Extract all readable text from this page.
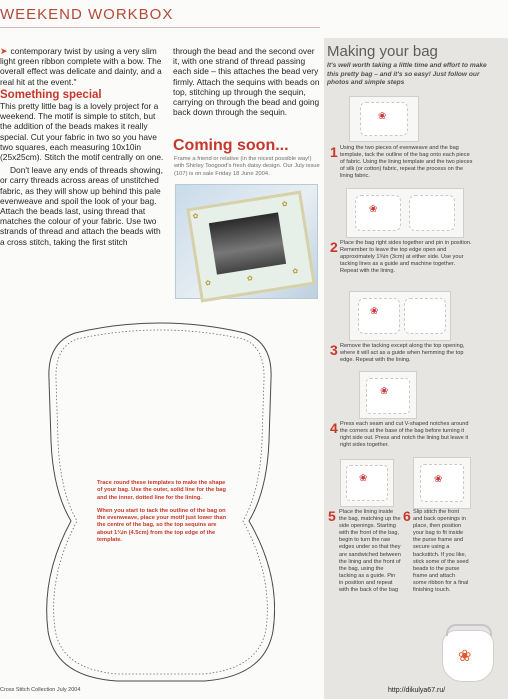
WEEKEND WORKBOX

➤ contemporary twist by using a very slim light green ribbon complete with a bow. The overall effect was delicate and dainty, and a real hit at the event."

Something special

This pretty little bag is a lovely project for a weekend. The motif is simple to stitch, but the addition of the beads makes it really special. Cut your fabric in two so you have two squares, each measuring 10x10in (25x25cm). Stitch the motif centrally on one.

Don't leave any ends of threads showing, or carry threads across areas of unstitched fabric, as they will show up behind this pale evenweave and spoil the look of your bag. Attach the beads last, using thread that matches the colour of your fabric. Use two strands of thread and attach the beads with a cross stitch, taking the first stitch

through the bead and the second over it, with one strand of thread passing each side – this attaches the bead very firmly. Attach the sequins with beads on top, stitching up through the sequin, carrying on through the bead and going back down through the sequin.

Coming soon...
Frame a friend or relative (in the nicest possible way!) with Shirley Toogood's fresh daisy design. Our July issue (107) is on sale Friday 18 June 2004.
✿
✿
✿
✿
✿
Trace round these templates to make the shape of your bag. Use the outer, solid line for the bag and the inner, dotted line for the lining.
When you start to tack the outline of the bag on the evenweave, place your motif just lower than the centre of the bag, so the top sequins are about 1¾in (4.5cm) from the top edge of the template.
Making your bag
It's well worth taking a little time and effort to make this pretty bag – and it's so easy! Just follow our photos and simple steps
❀
1 Using the two pieces of evenweave and the bag template, tack the outline of the bag onto each piece of fabric. Using the lining template and the two pieces of silk (or cotton) fabric, repeat the process on the lining fabric.
❀
2 Place the bag right sides together and pin in position. Remember to leave the top edge open and approximately 1¾in (3cm) at either side. Use your tacking lines as a guide and machine together. Repeat with the lining.
❀
3 Remove the tacking except along the top opening, where it will act as a guide when hemming the top edge. Repeat with the lining.
❀
4 Press each seam and cut V-shaped notches around the corners at the base of the bag before turning it right side out. Press and notch the lining but leave it right sides together.
❀	❀
5 Place the lining inside the bag, matching up the side openings. Starting with the front of the bag, begin to turn the raw edges under so that they are sandwiched between the lining and the front of the bag, using the tacking as a guide. Pin in position and repeat with the back of the bag
6 Slip stitch the front and back openings in place, then position your bag to fit inside the purse frame and secure using a backstitch. If you like, stick some of the seed beads to the purse frame and attach some ribbon for a final finishing touch.
❀
Cross Stitch Collection July 2004	http://dikulya67.ru/
